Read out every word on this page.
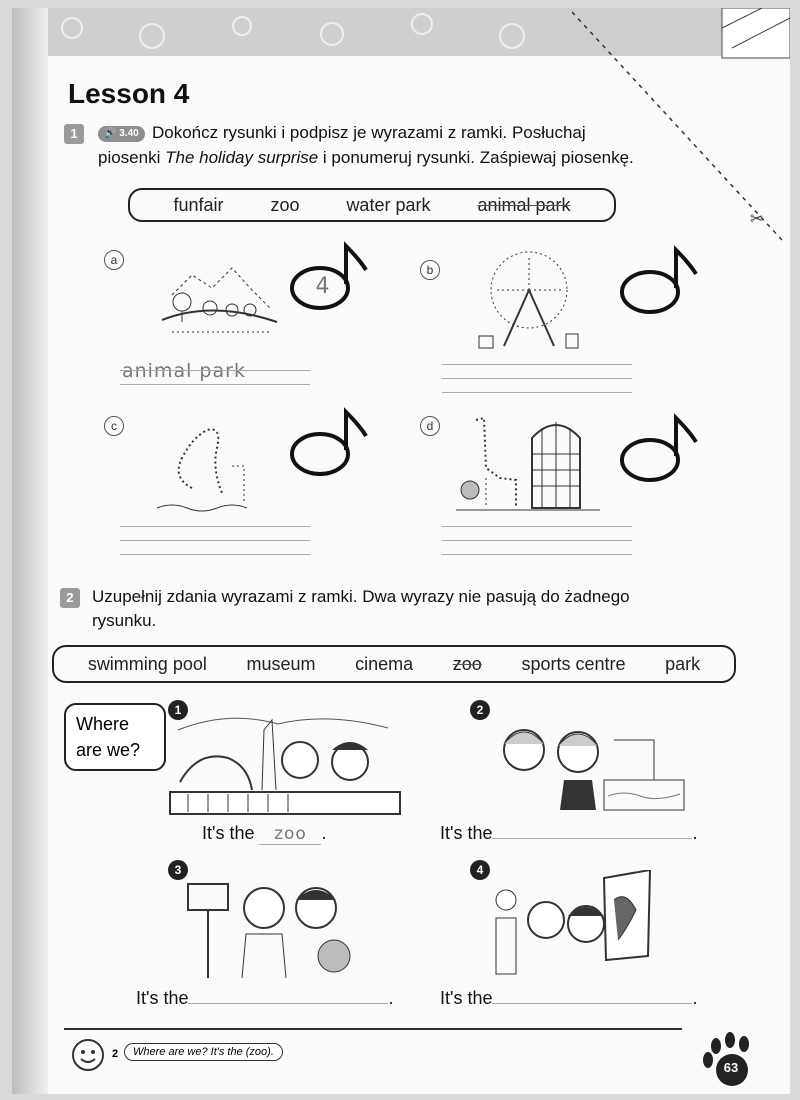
✂
Lesson 4
1	🔊 3.40 Dokończ rysunki i podpisz je wyrazami z ramki. Posłuchaj
piosenki The holiday surprise i ponumeruj rysunki. Zaśpiewaj piosenkę.
funfair	zoo	water park	animal park
a
4
animal park
b
c	d
2	Uzupełnij zdania wyrazami z ramki. Dwa wyrazy nie pasują do żadnego
rysunku.
swimming pool museum cinema zoo sports centre park
Where
are we?
1
It's the zoo .
2
It's the	.
3
It's the	.
4
It's the	.
2	Where are we? It's the (zoo).
63
